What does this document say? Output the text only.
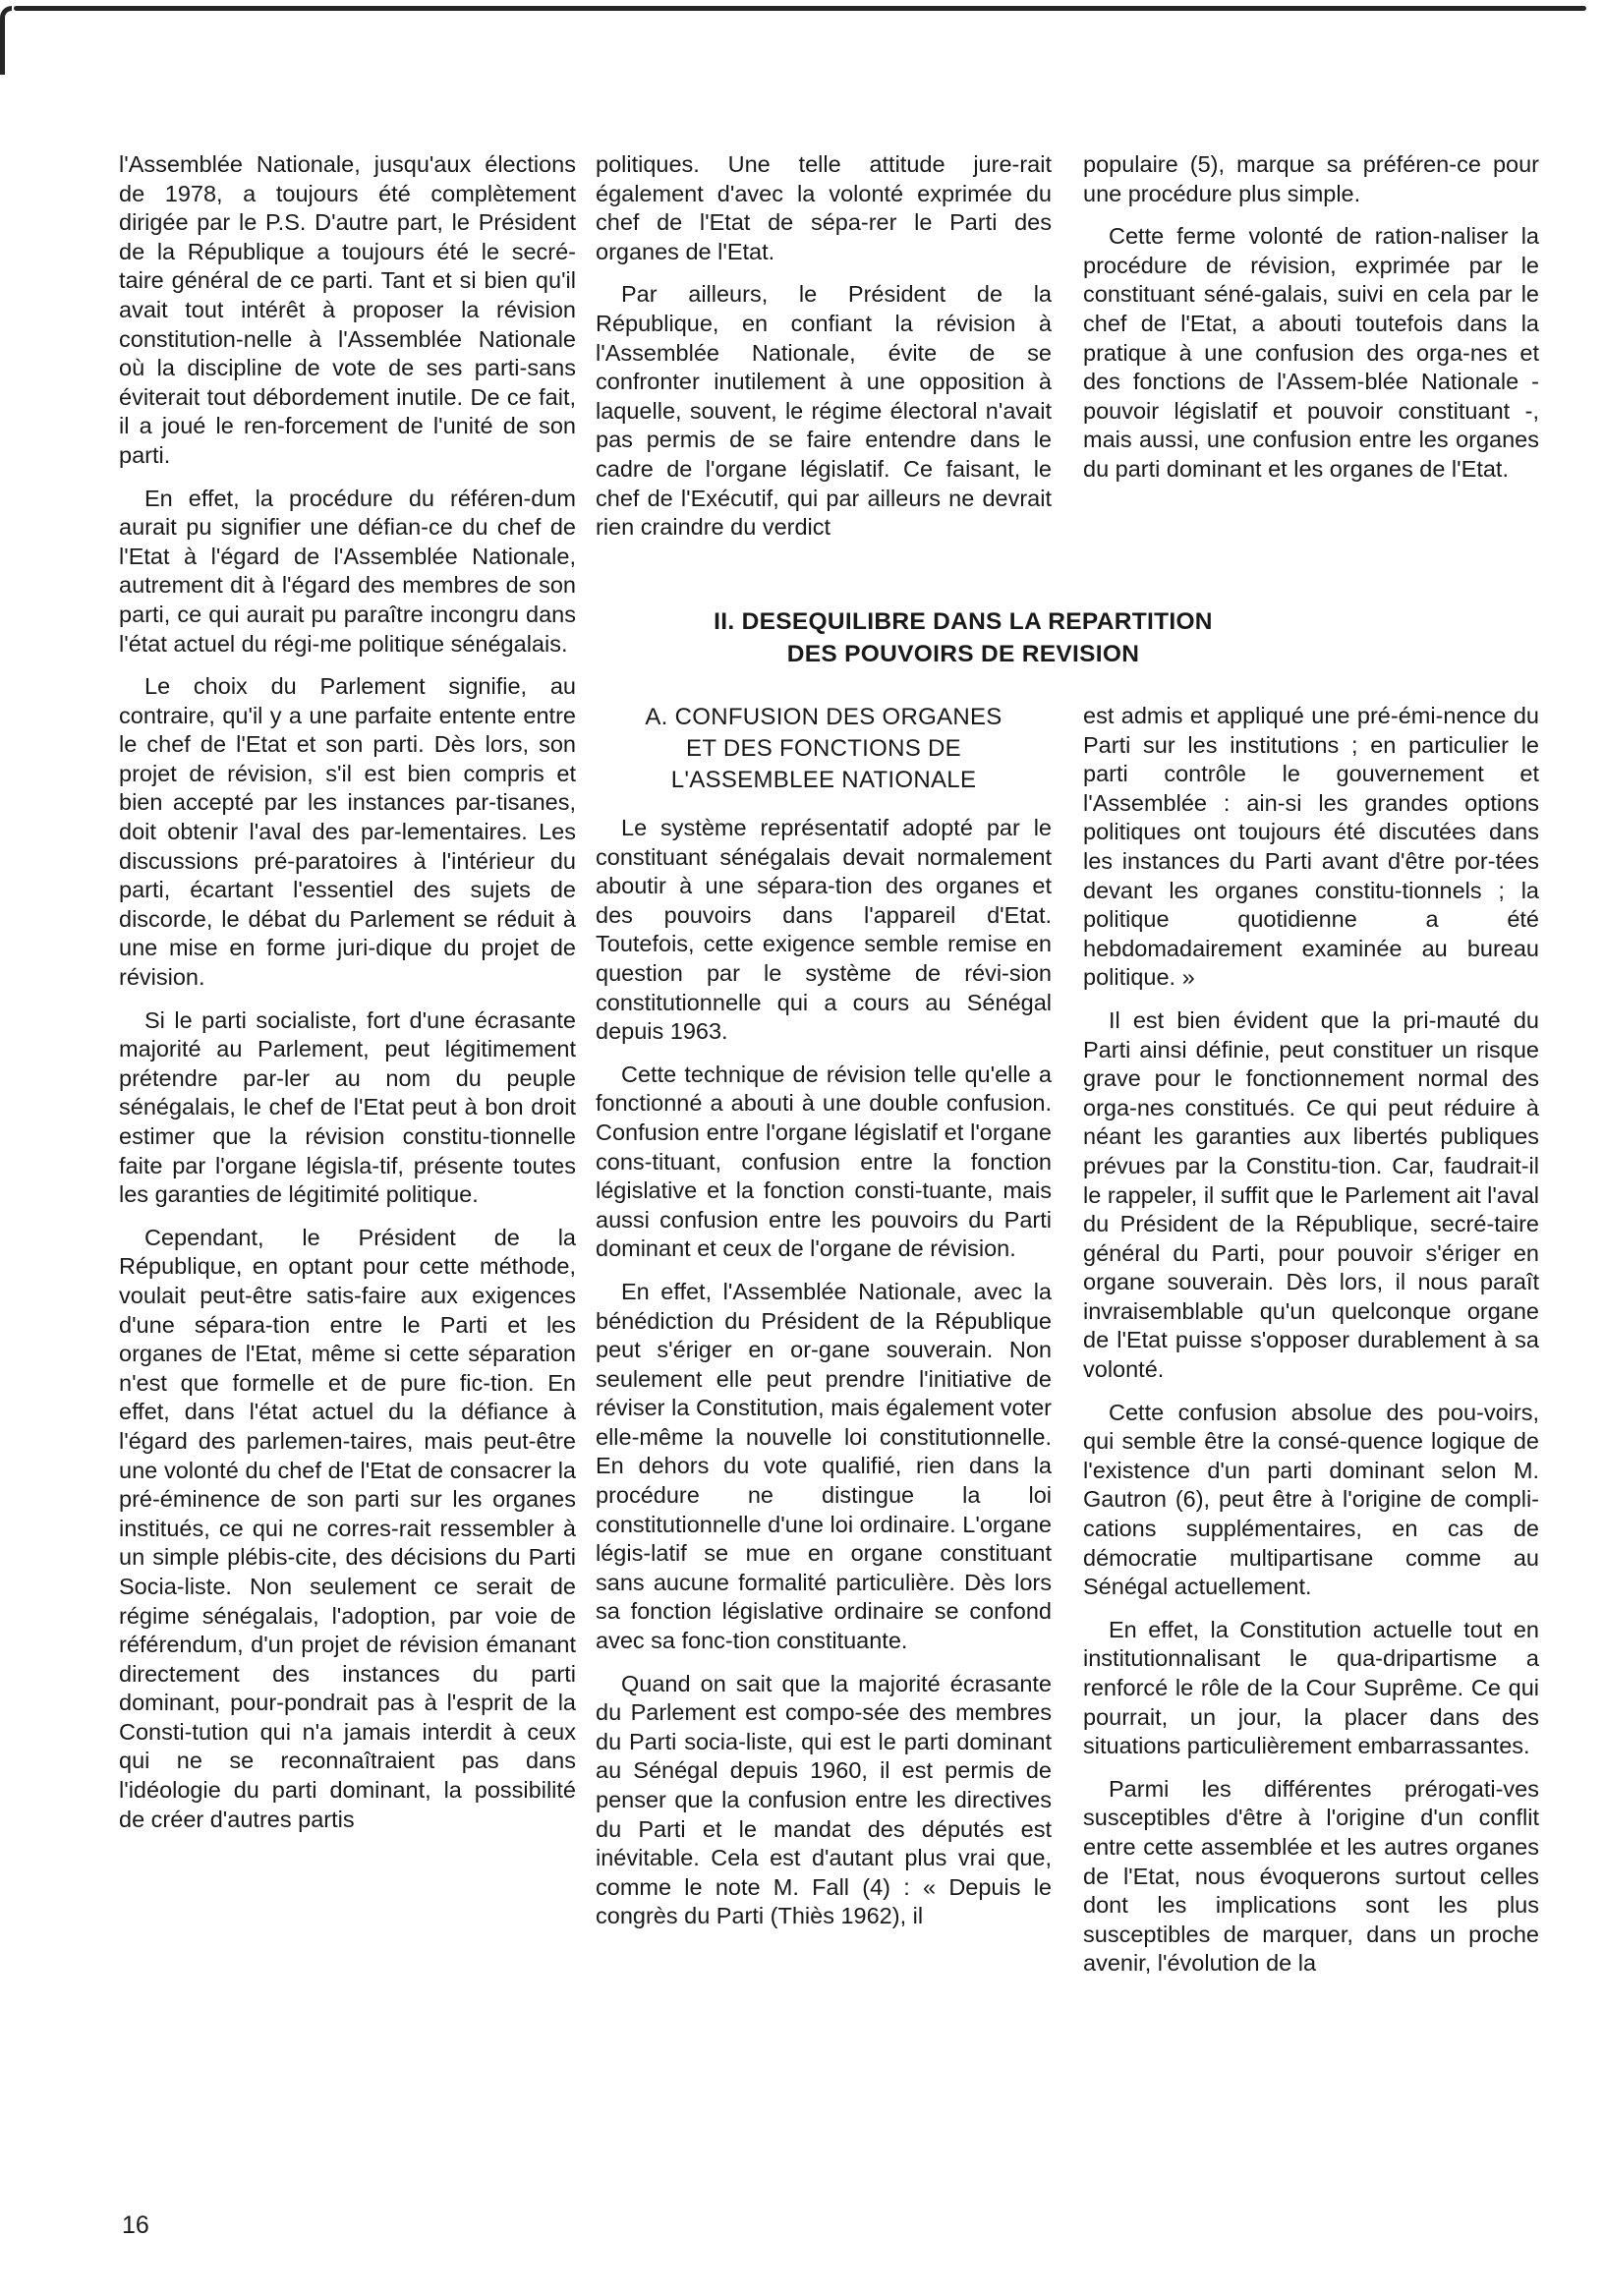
l'Assemblée Nationale, jusqu'aux élections de 1978, a toujours été complètement dirigée par le P.S. D'autre part, le Président de la République a toujours été le secré-taire général de ce parti. Tant et si bien qu'il avait tout intérêt à proposer la révision constitution-nelle à l'Assemblée Nationale où la discipline de vote de ses parti-sans éviterait tout débordement inutile. De ce fait, il a joué le ren-forcement de l'unité de son parti.

En effet, la procédure du référen-dum aurait pu signifier une défian-ce du chef de l'Etat à l'égard de l'Assemblée Nationale, autrement dit à l'égard des membres de son parti, ce qui aurait pu paraître incongru dans l'état actuel du régi-me politique sénégalais.

Le choix du Parlement signifie, au contraire, qu'il y a une parfaite entente entre le chef de l'Etat et son parti. Dès lors, son projet de révision, s'il est bien compris et bien accepté par les instances par-tisanes, doit obtenir l'aval des par-lementaires. Les discussions pré-paratoires à l'intérieur du parti, écartant l'essentiel des sujets de discorde, le débat du Parlement se réduit à une mise en forme juri-dique du projet de révision.

Si le parti socialiste, fort d'une écrasante majorité au Parlement, peut légitimement prétendre par-ler au nom du peuple sénégalais, le chef de l'Etat peut à bon droit estimer que la révision constitu-tionnelle faite par l'organe législa-tif, présente toutes les garanties de légitimité politique.

Cependant, le Président de la République, en optant pour cette méthode, voulait peut-être satis-faire aux exigences d'une sépara-tion entre le Parti et les organes de l'Etat, même si cette séparation n'est que formelle et de pure fic-tion. En effet, dans l'état actuel du la défiance à l'égard des parlemen-taires, mais peut-être une volonté du chef de l'Etat de consacrer la pré-éminence de son parti sur les organes institués, ce qui ne corres-rait ressembler à un simple plébis-cite, des décisions du Parti Socia-liste. Non seulement ce serait de régime sénégalais, l'adoption, par voie de référendum, d'un projet de révision émanant directement des instances du parti dominant, pour-pondrait pas à l'esprit de la Consti-tution qui n'a jamais interdit à ceux qui ne se reconnaîtraient pas dans l'idéologie du parti dominant, la possibilité de créer d'autres partis

politiques. Une telle attitude jure-rait également d'avec la volonté exprimée du chef de l'Etat de sépa-rer le Parti des organes de l'Etat.

Par ailleurs, le Président de la République, en confiant la révision à l'Assemblée Nationale, évite de se confronter inutilement à une opposition à laquelle, souvent, le régime électoral n'avait pas permis de se faire entendre dans le cadre de l'organe législatif. Ce faisant, le chef de l'Exécutif, qui par ailleurs ne devrait rien craindre du verdict

populaire (5), marque sa préféren-ce pour une procédure plus simple.

Cette ferme volonté de ration-naliser la procédure de révision, exprimée par le constituant séné-galais, suivi en cela par le chef de l'Etat, a abouti toutefois dans la pratique à une confusion des orga-nes et des fonctions de l'Assem-blée Nationale - pouvoir législatif et pouvoir constituant -, mais aussi, une confusion entre les organes du parti dominant et les organes de l'Etat.

II. DESEQUILIBRE DANS LA REPARTITION
DES POUVOIRS DE REVISION
A. CONFUSION DES ORGANES
ET DES FONCTIONS DE
L'ASSEMBLEE NATIONALE

Le système représentatif adopté par le constituant sénégalais devait normalement aboutir à une sépara-tion des organes et des pouvoirs dans l'appareil d'Etat. Toutefois, cette exigence semble remise en question par le système de révi-sion constitutionnelle qui a cours au Sénégal depuis 1963.

Cette technique de révision telle qu'elle a fonctionné a abouti à une double confusion. Confusion entre l'organe législatif et l'organe cons-tituant, confusion entre la fonction législative et la fonction consti-tuante, mais aussi confusion entre les pouvoirs du Parti dominant et ceux de l'organe de révision.

En effet, l'Assemblée Nationale, avec la bénédiction du Président de la République peut s'ériger en or-gane souverain. Non seulement elle peut prendre l'initiative de réviser la Constitution, mais également voter elle-même la nouvelle loi constitutionnelle. En dehors du vote qualifié, rien dans la procédure ne distingue la loi constitutionnelle d'une loi ordinaire. L'organe légis-latif se mue en organe constituant sans aucune formalité particulière. Dès lors sa fonction législative ordinaire se confond avec sa fonc-tion constituante.

Quand on sait que la majorité écrasante du Parlement est compo-sée des membres du Parti socia-liste, qui est le parti dominant au Sénégal depuis 1960, il est permis de penser que la confusion entre les directives du Parti et le mandat des députés est inévitable. Cela est d'autant plus vrai que, comme le note M. Fall (4) : « Depuis le congrès du Parti (Thiès 1962), il

est admis et appliqué une pré-émi-nence du Parti sur les institutions ; en particulier le parti contrôle le gouvernement et l'Assemblée : ain-si les grandes options politiques ont toujours été discutées dans les instances du Parti avant d'être por-tées devant les organes constitu-tionnels ; la politique quotidienne a été hebdomadairement examinée au bureau politique. »

Il est bien évident que la pri-mauté du Parti ainsi définie, peut constituer un risque grave pour le fonctionnement normal des orga-nes constitués. Ce qui peut réduire à néant les garanties aux libertés publiques prévues par la Constitu-tion. Car, faudrait-il le rappeler, il suffit que le Parlement ait l'aval du Président de la République, secré-taire général du Parti, pour pouvoir s'ériger en organe souverain. Dès lors, il nous paraît invraisemblable qu'un quelconque organe de l'Etat puisse s'opposer durablement à sa volonté.

Cette confusion absolue des pou-voirs, qui semble être la consé-quence logique de l'existence d'un parti dominant selon M. Gautron (6), peut être à l'origine de compli-cations supplémentaires, en cas de démocratie multipartisane comme au Sénégal actuellement.

En effet, la Constitution actuelle tout en institutionnalisant le qua-dripartisme a renforcé le rôle de la Cour Suprême. Ce qui pourrait, un jour, la placer dans des situations particulièrement embarrassantes.

Parmi les différentes prérogati-ves susceptibles d'être à l'origine d'un conflit entre cette assemblée et les autres organes de l'Etat, nous évoquerons surtout celles dont les implications sont les plus susceptibles de marquer, dans un proche avenir, l'évolution de la

16
